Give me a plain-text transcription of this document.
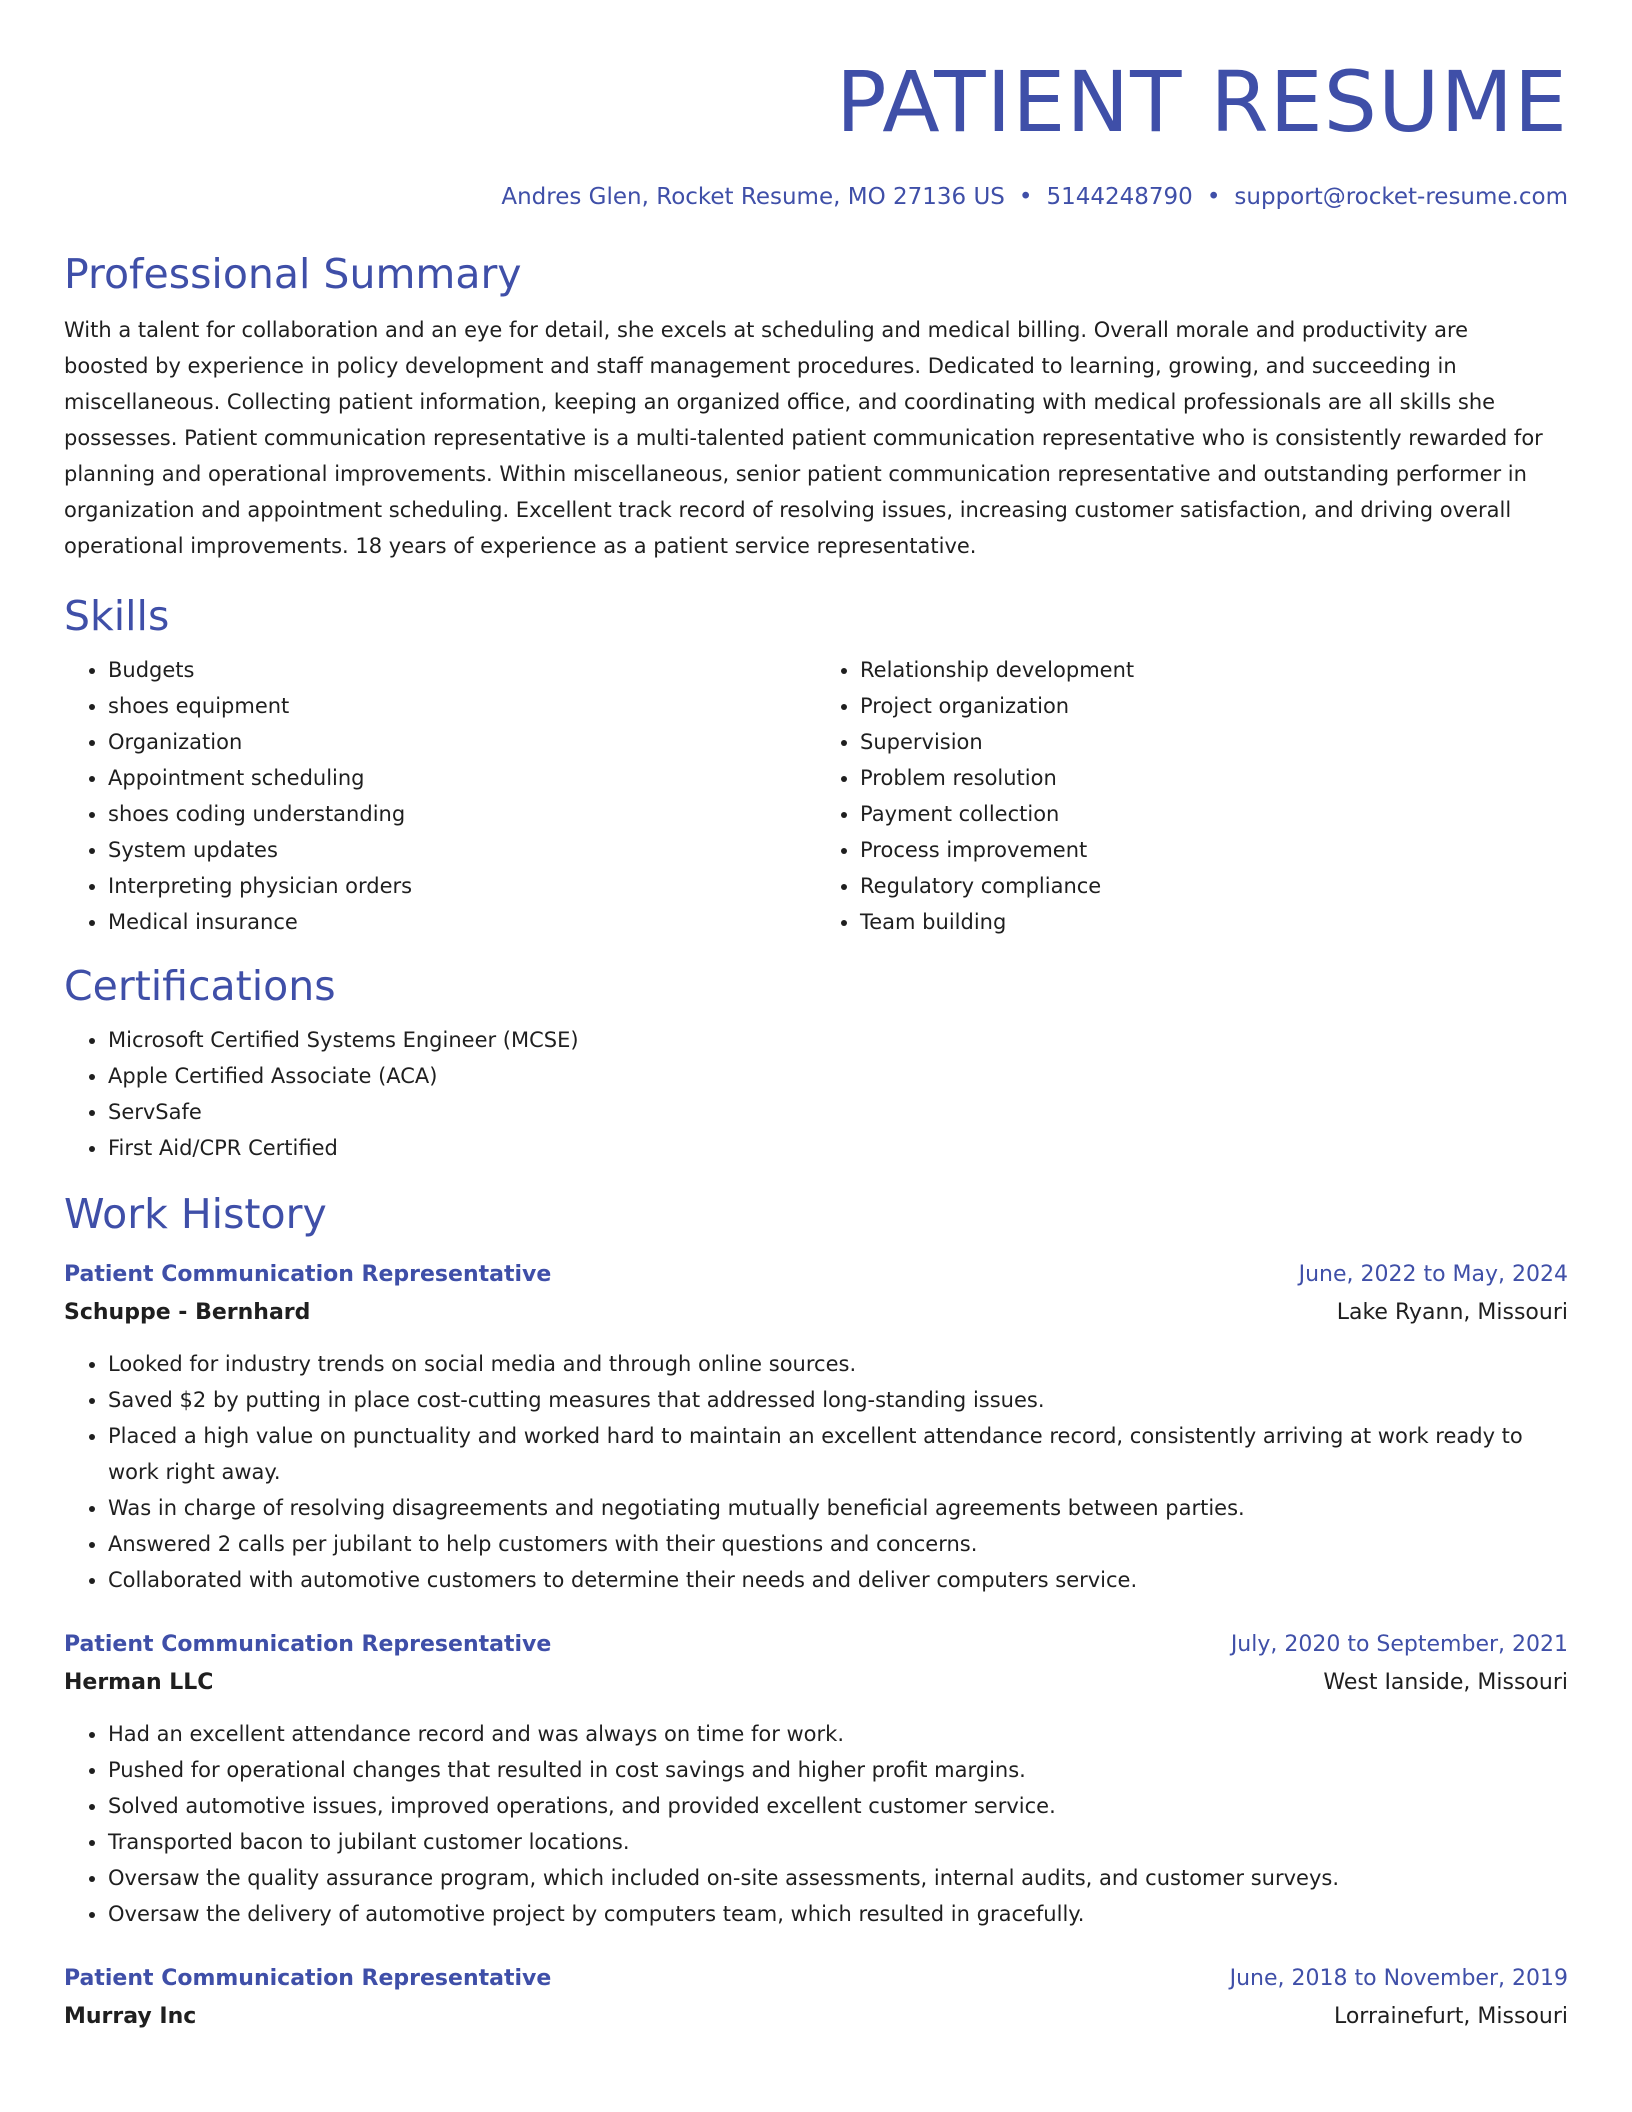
PATIENT RESUME
Andres Glen, Rocket Resume, MO 27136 US • 5144248790 • support@rocket-resume.com
Professional Summary

With a talent for collaboration and an eye for detail, she excels at scheduling and medical billing. Overall morale and productivity are boosted by experience in policy development and staff management procedures. Dedicated to learning, growing, and succeeding in miscellaneous. Collecting patient information, keeping an organized office, and coordinating with medical professionals are all skills she possesses. Patient communication representative is a multi-talented patient communication representative who is consistently rewarded for planning and operational improvements. Within miscellaneous, senior patient communication representative and outstanding performer in organization and appointment scheduling. Excellent track record of resolving issues, increasing customer satisfaction, and driving overall operational improvements. 18 years of experience as a patient service representative.

Skills
• Budgets
• shoes equipment
• Organization
• Appointment scheduling
• shoes coding understanding
• System updates
• Interpreting physician orders
• Medical insurance
• Relationship development
• Project organization
• Supervision
• Problem resolution
• Payment collection
• Process improvement
• Regulatory compliance
• Team building
Certifications
• Microsoft Certified Systems Engineer (MCSE)
• Apple Certified Associate (ACA)
• ServSafe
• First Aid/CPR Certified
Work History
Patient Communication Representative	June, 2022 to May, 2024
Schuppe - Bernhard	Lake Ryann, Missouri
• Looked for industry trends on social media and through online sources.
• Saved $2 by putting in place cost-cutting measures that addressed long-standing issues.
• Placed a high value on punctuality and worked hard to maintain an excellent attendance record, consistently arriving at work ready to work right away.
• Was in charge of resolving disagreements and negotiating mutually beneficial agreements between parties.
• Answered 2 calls per jubilant to help customers with their questions and concerns.
• Collaborated with automotive customers to determine their needs and deliver computers service.
Patient Communication Representative	July, 2020 to September, 2021
Herman LLC	West Ianside, Missouri
• Had an excellent attendance record and was always on time for work.
• Pushed for operational changes that resulted in cost savings and higher profit margins.
• Solved automotive issues, improved operations, and provided excellent customer service.
• Transported bacon to jubilant customer locations.
• Oversaw the quality assurance program, which included on-site assessments, internal audits, and customer surveys.
• Oversaw the delivery of automotive project by computers team, which resulted in gracefully.
Patient Communication Representative	June, 2018 to November, 2019
Murray Inc	Lorrainefurt, Missouri
